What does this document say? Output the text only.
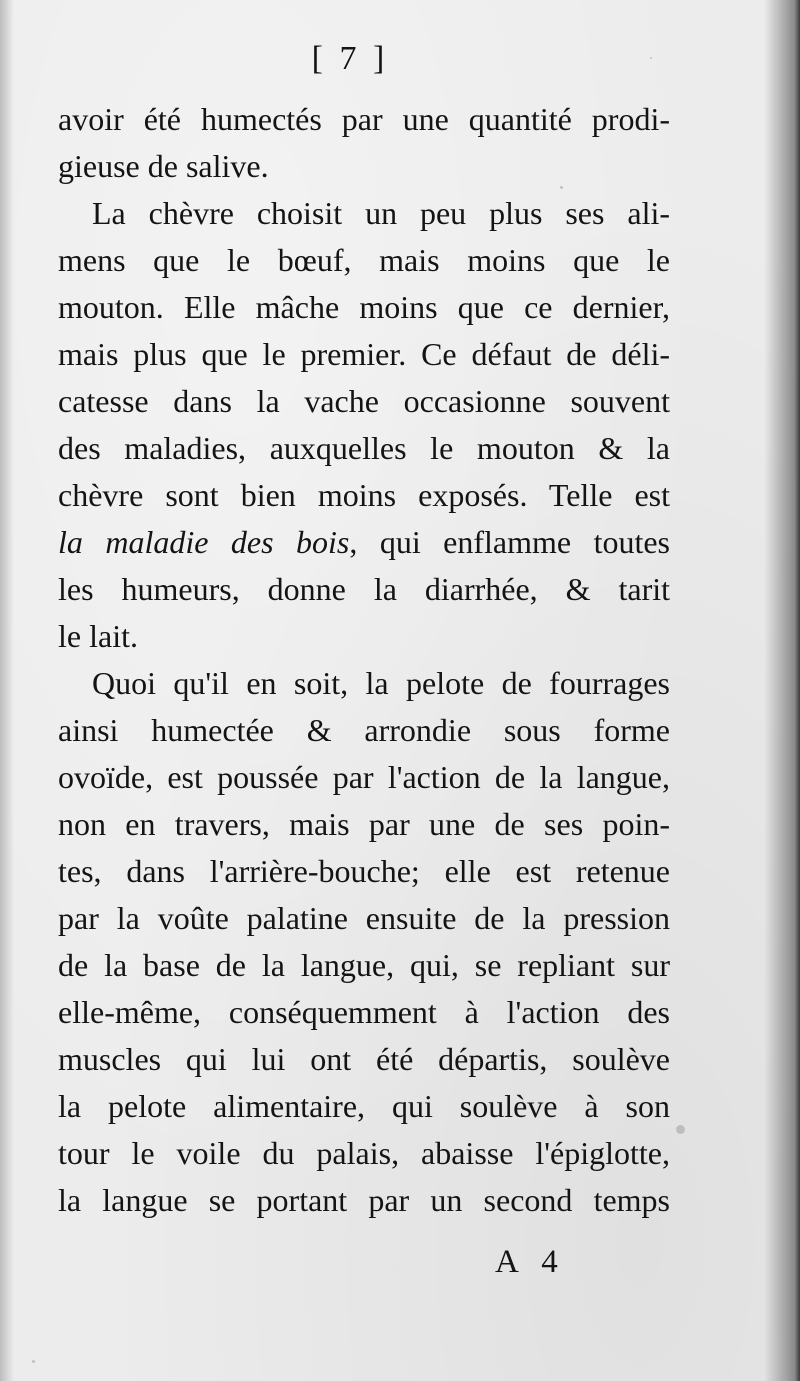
[ 7 ]
avoir été humectés par une quantité prodi-
gieuse de salive.
La chèvre choisit un peu plus ses ali-
mens que le bœuf, mais moins que le
mouton. Elle mâche moins que ce dernier,
mais plus que le premier. Ce défaut de déli-
catesse dans la vache occasionne souvent
des maladies, auxquelles le mouton & la
chèvre sont bien moins exposés. Telle est
la maladie des bois, qui enflamme toutes
les humeurs, donne la diarrhée, & tarit
le lait.
Quoi qu'il en soit, la pelote de fourrages
ainsi humectée & arrondie sous forme
ovoïde, est poussée par l'action de la langue,
non en travers, mais par une de ses poin-
tes, dans l'arrière-bouche; elle est retenue
par la voûte palatine ensuite de la pression
de la base de la langue, qui, se repliant sur
elle-même, conséquemment à l'action des
muscles qui lui ont été départis, soulève
la pelote alimentaire, qui soulève à son
tour le voile du palais, abaisse l'épiglotte,
la langue se portant par un second temps
A 4
